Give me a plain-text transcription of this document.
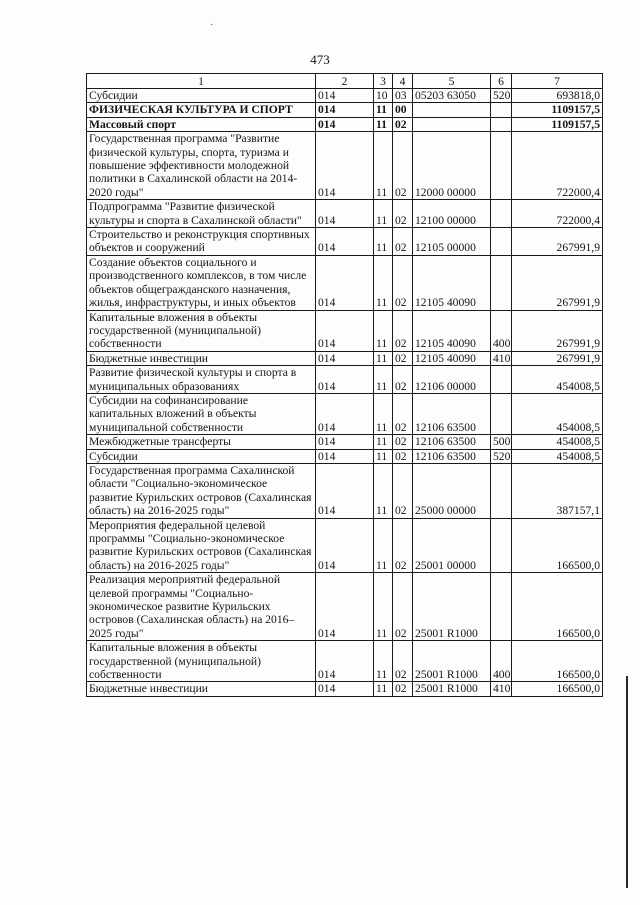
·
473
1	2	3	4	5	6	7
Субсидии	014	10	03	05203 63050	520	693818,0
ФИЗИЧЕСКАЯ КУЛЬТУРА И СПОРТ	014	11	00			1109157,5
Массовый спорт	014	11	02			1109157,5
Государственная программа "Развитие физической культуры, спорта, туризма и повышение эффективности молодежной политики в Сахалинской области на 2014-2020 годы"	014	11	02	12000 00000		722000,4
Подпрограмма "Развитие физической культуры и спорта в Сахалинской области"	014	11	02	12100 00000		722000,4
Строительство и реконструкция спортивных объектов и сооружений	014	11	02	12105 00000		267991,9
Создание объектов социального и производственного комплексов, в том числе объектов общегражданского назначения, жилья, инфраструктуры, и иных объектов	014	11	02	12105 40090		267991,9
Капитальные вложения в объекты государственной (муниципальной) собственности	014	11	02	12105 40090	400	267991,9
Бюджетные инвестиции	014	11	02	12105 40090	410	267991,9
Развитие физической культуры и спорта в муниципальных образованиях	014	11	02	12106 00000		454008,5
Субсидии на софинансирование капитальных вложений в объекты муниципальной собственности	014	11	02	12106 63500		454008,5
Межбюджетные трансферты	014	11	02	12106 63500	500	454008,5
Субсидии	014	11	02	12106 63500	520	454008,5
Государственная программа Сахалинской области "Социально-экономическое развитие Курильских островов (Сахалинская область) на 2016-2025 годы"	014	11	02	25000 00000		387157,1
Мероприятия федеральной целевой программы "Социально-экономическое развитие Курильских островов (Сахалинская область) на 2016-2025 годы"	014	11	02	25001 00000		166500,0
Реализация мероприятий федеральной целевой программы "Социально-экономическое развитие Курильских островов (Сахалинская область) на 2016–2025 годы"	014	11	02	25001 R1000		166500,0
Капитальные вложения в объекты государственной (муниципальной) собственности	014	11	02	25001 R1000	400	166500,0
Бюджетные инвестиции	014	11	02	25001 R1000	410	166500,0
